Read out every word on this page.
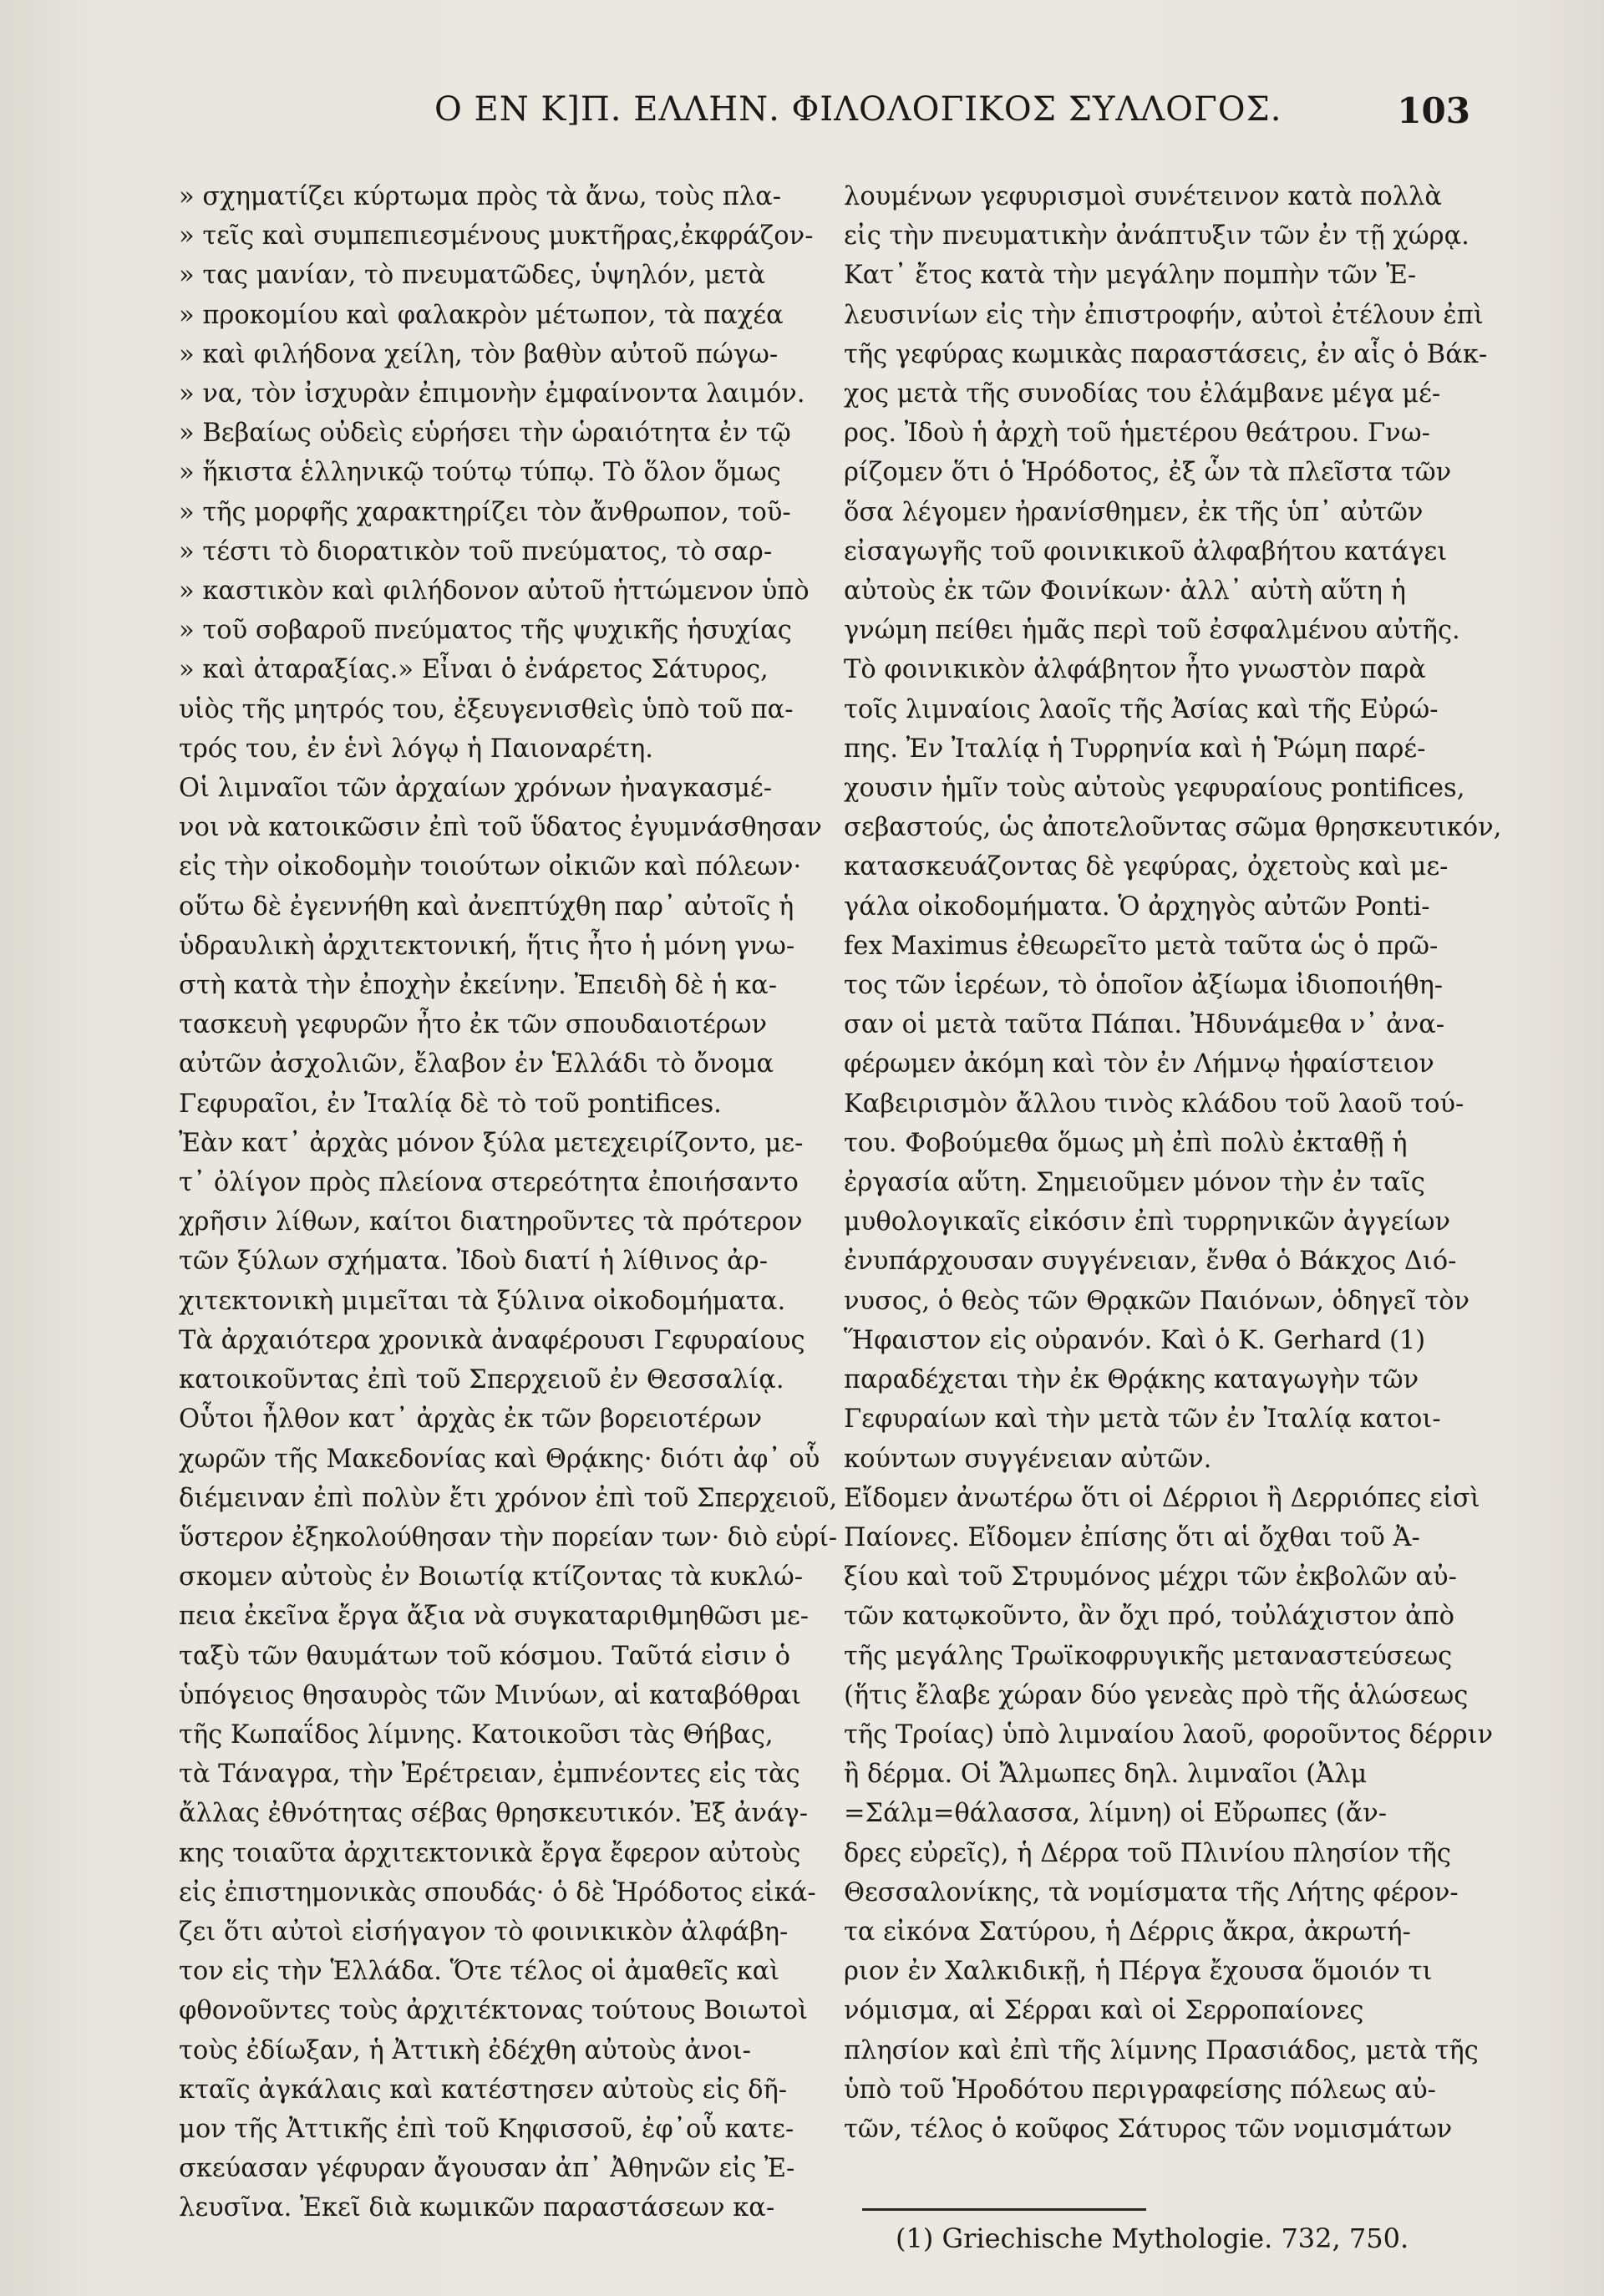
Ο ΕΝ Κ]Π. ΕΛΛΗΝ. ΦΙΛΟΛΟΓΙΚΟΣ ΣΥΛΛΟΓΟΣ.	103
» σχηματίζει κύρτωμα πρὸς τὰ ἄνω, τοὺς πλα-
» τεῖς καὶ συμπεπιεσμένους μυκτῆρας,ἐκφράζον-
» τας μανίαν, τὸ πνευματῶδες, ὑψηλόν, μετὰ
» προκομίου καὶ φαλακρὸν μέτωπον, τὰ παχέα
» καὶ φιλήδονα χείλη, τὸν βαθὺν αὐτοῦ πώγω-
» να, τὸν ἰσχυρὰν ἐπιμονὴν ἐμφαίνοντα λαιμόν.
» Βεβαίως οὐδεὶς εὑρήσει τὴν ὡραιότητα ἐν τῷ
» ἥκιστα ἑλληνικῷ τούτῳ τύπῳ. Τὸ ὅλον ὅμως
» τῆς μορφῆς χαρακτηρίζει τὸν ἄνθρωπον, τοῦ-
» τέστι τὸ διορατικὸν τοῦ πνεύματος, τὸ σαρ-
» καστικὸν καὶ φιλήδονον αὐτοῦ ἡττώμενον ὑπὸ
» τοῦ σοβαροῦ πνεύματος τῆς ψυχικῆς ἡσυχίας
» καὶ ἀταραξίας.» Εἶναι ὁ ἐνάρετος Σάτυρος,
υἱὸς τῆς μητρός του, ἐξευγενισθεὶς ὑπὸ τοῦ πα-
τρός του, ἐν ἑνὶ λόγῳ ἡ Παιοναρέτη.
Οἱ λιμναῖοι τῶν ἀρχαίων χρόνων ἠναγκασμέ-
νοι νὰ κατοικῶσιν ἐπὶ τοῦ ὕδατος ἐγυμνάσθησαν
εἰς τὴν οἰκοδομὴν τοιούτων οἰκιῶν καὶ πόλεων·
οὕτω δὲ ἐγεννήθη καὶ ἀνεπτύχθη παρ᾽ αὐτοῖς ἡ
ὑδραυλικὴ ἀρχιτεκτονική, ἥτις ἦτο ἡ μόνη γνω-
στὴ κατὰ τὴν ἐποχὴν ἐκείνην. Ἐπειδὴ δὲ ἡ κα-
τασκευὴ γεφυρῶν ἦτο ἐκ τῶν σπουδαιοτέρων
αὐτῶν ἀσχολιῶν, ἔλαβον ἐν Ἑλλάδι τὸ ὄνομα
Γεφυραῖοι, ἐν Ἰταλίᾳ δὲ τὸ τοῦ pontifices.
Ἐὰν κατ᾽ ἀρχὰς μόνον ξύλα μετεχειρίζοντο, με-
τ᾽ ὀλίγον πρὸς πλείονα στερεότητα ἐποιήσαντο
χρῆσιν λίθων, καίτοι διατηροῦντες τὰ πρότερον
τῶν ξύλων σχήματα. Ἰδοὺ διατί ἡ λίθινος ἀρ-
χιτεκτονικὴ μιμεῖται τὰ ξύλινα οἰκοδομήματα.
Τὰ ἀρχαιότερα χρονικὰ ἀναφέρουσι Γεφυραίους
κατοικοῦντας ἐπὶ τοῦ Σπερχειοῦ ἐν Θεσσαλίᾳ.
Οὗτοι ἦλθον κατ᾽ ἀρχὰς ἐκ τῶν βορειοτέρων
χωρῶν τῆς Μακεδονίας καὶ Θρᾴκης· διότι ἀφ᾽ οὗ
διέμειναν ἐπὶ πολὺν ἔτι χρόνον ἐπὶ τοῦ Σπερχειοῦ,
ὕστερον ἐξηκολούθησαν τὴν πορείαν των· διὸ εὑρί-
σκομεν αὐτοὺς ἐν Βοιωτίᾳ κτίζοντας τὰ κυκλώ-
πεια ἐκεῖνα ἔργα ἄξια νὰ συγκαταριθμηθῶσι με-
ταξὺ τῶν θαυμάτων τοῦ κόσμου. Ταῦτά εἰσιν ὁ
ὑπόγειος θησαυρὸς τῶν Μινύων, αἱ καταβόθραι
τῆς Κωπαΐδος λίμνης. Κατοικοῦσι τὰς Θήβας,
τὰ Τάναγρα, τὴν Ἐρέτρειαν, ἐμπνέοντες εἰς τὰς
ἄλλας ἐθνότητας σέβας θρησκευτικόν. Ἐξ ἀνάγ-
κης τοιαῦτα ἀρχιτεκτονικὰ ἔργα ἔφερον αὐτοὺς
εἰς ἐπιστημονικὰς σπουδάς· ὁ δὲ Ἡρόδοτος εἰκά-
ζει ὅτι αὐτοὶ εἰσήγαγον τὸ φοινικικὸν ἀλφάβη-
τον εἰς τὴν Ἑλλάδα. Ὅτε τέλος οἱ ἀμαθεῖς καὶ
φθονοῦντες τοὺς ἀρχιτέκτονας τούτους Βοιωτοὶ
τοὺς ἐδίωξαν, ἡ Ἀττικὴ ἐδέχθη αὐτοὺς ἀνοι-
κταῖς ἀγκάλαις καὶ κατέστησεν αὐτοὺς εἰς δῆ-
μον τῆς Ἀττικῆς ἐπὶ τοῦ Κηφισσοῦ, ἐφ᾽οὗ κατε-
σκεύασαν γέφυραν ἄγουσαν ἀπ᾽ Ἀθηνῶν εἰς Ἐ-
λευσῖνα. Ἐκεῖ διὰ κωμικῶν παραστάσεων κα-
λουμένων γεφυρισμοὶ συνέτεινον κατὰ πολλὰ
εἰς τὴν πνευματικὴν ἀνάπτυξιν τῶν ἐν τῇ χώρᾳ.
Κατ᾽ ἔτος κατὰ τὴν μεγάλην πομπὴν τῶν Ἐ-
λευσινίων εἰς τὴν ἐπιστροφήν, αὐτοὶ ἐτέλουν ἐπὶ
τῆς γεφύρας κωμικὰς παραστάσεις, ἐν αἷς ὁ Βάκ-
χος μετὰ τῆς συνοδίας του ἐλάμβανε μέγα μέ-
ρος. Ἰδοὺ ἡ ἀρχὴ τοῦ ἡμετέρου θεάτρου. Γνω-
ρίζομεν ὅτι ὁ Ἡρόδοτος, ἐξ ὧν τὰ πλεῖστα τῶν
ὅσα λέγομεν ἠρανίσθημεν, ἐκ τῆς ὑπ᾽ αὐτῶν
εἰσαγωγῆς τοῦ φοινικικοῦ ἀλφαβήτου κατάγει
αὐτοὺς ἐκ τῶν Φοινίκων· ἀλλ᾽ αὐτὴ αὕτη ἡ
γνώμη πείθει ἡμᾶς περὶ τοῦ ἐσφαλμένου αὐτῆς.
Τὸ φοινικικὸν ἀλφάβητον ἦτο γνωστὸν παρὰ
τοῖς λιμναίοις λαοῖς τῆς Ἀσίας καὶ τῆς Εὐρώ-
πης. Ἐν Ἰταλίᾳ ἡ Τυρρηνία καὶ ἡ Ῥώμη παρέ-
χουσιν ἡμῖν τοὺς αὐτοὺς γεφυραίους pontifices,
σεβαστούς, ὡς ἀποτελοῦντας σῶμα θρησκευτικόν,
κατασκευάζοντας δὲ γεφύρας, ὀχετοὺς καὶ με-
γάλα οἰκοδομήματα. Ὁ ἀρχηγὸς αὐτῶν Ponti-
fex Maximus ἐθεωρεῖτο μετὰ ταῦτα ὡς ὁ πρῶ-
τος τῶν ἱερέων, τὸ ὁποῖον ἀξίωμα ἰδιοποιήθη-
σαν οἱ μετὰ ταῦτα Πάπαι. Ἠδυνάμεθα ν᾽ ἀνα-
φέρωμεν ἀκόμη καὶ τὸν ἐν Λήμνῳ ἡφαίστειον
Καβειρισμὸν ἄλλου τινὸς κλάδου τοῦ λαοῦ τού-
του. Φοβούμεθα ὅμως μὴ ἐπὶ πολὺ ἐκταθῇ ἡ
ἐργασία αὕτη. Σημειοῦμεν μόνον τὴν ἐν ταῖς
μυθολογικαῖς εἰκόσιν ἐπὶ τυρρηνικῶν ἀγγείων
ἐνυπάρχουσαν συγγένειαν, ἔνθα ὁ Βάκχος Διό-
νυσος, ὁ θεὸς τῶν Θρᾳκῶν Παιόνων, ὁδηγεῖ τὸν
Ἥφαιστον εἰς οὐρανόν. Καὶ ὁ Κ. Gerhard (1)
παραδέχεται τὴν ἐκ Θρᾴκης καταγωγὴν τῶν
Γεφυραίων καὶ τὴν μετὰ τῶν ἐν Ἰταλίᾳ κατοι-
κούντων συγγένειαν αὐτῶν.
Εἴδομεν ἀνωτέρω ὅτι οἱ Δέρριοι ἢ Δερριόπες εἰσὶ
Παίονες. Εἴδομεν ἐπίσης ὅτι αἱ ὄχθαι τοῦ Ἀ-
ξίου καὶ τοῦ Στρυμόνος μέχρι τῶν ἐκβολῶν αὐ-
τῶν κατῳκοῦντο, ἂν ὄχι πρό, τοὐλάχιστον ἀπὸ
τῆς μεγάλης Τρωϊκοφρυγικῆς μεταναστεύσεως
(ἥτις ἔλαβε χώραν δύο γενεὰς πρὸ τῆς ἁλώσεως
τῆς Τροίας) ὑπὸ λιμναίου λαοῦ, φοροῦντος δέρριν
ἢ δέρμα. Οἱ Ἄλμωπες δηλ. λιμναῖοι (Ἀλμ
=Σάλμ=θάλασσα, λίμνη) οἱ Εὔρωπες (ἄν-
δρες εὐρεῖς), ἡ Δέρρα τοῦ Πλινίου πλησίον τῆς
Θεσσαλονίκης, τὰ νομίσματα τῆς Λήτης φέρον-
τα εἰκόνα Σατύρου, ἡ Δέρρις ἄκρα, ἀκρωτή-
ριον ἐν Χαλκιδικῇ, ἡ Πέργα ἔχουσα ὅμοιόν τι
νόμισμα, αἱ Σέρραι καὶ οἱ Σερροπαίονες
πλησίον καὶ ἐπὶ τῆς λίμνης Πρασιάδος, μετὰ τῆς
ὑπὸ τοῦ Ἡροδότου περιγραφείσης πόλεως αὐ-
τῶν, τέλος ὁ κοῦφος Σάτυρος τῶν νομισμάτων
(1) Griechische Mythologie. 732, 750.
